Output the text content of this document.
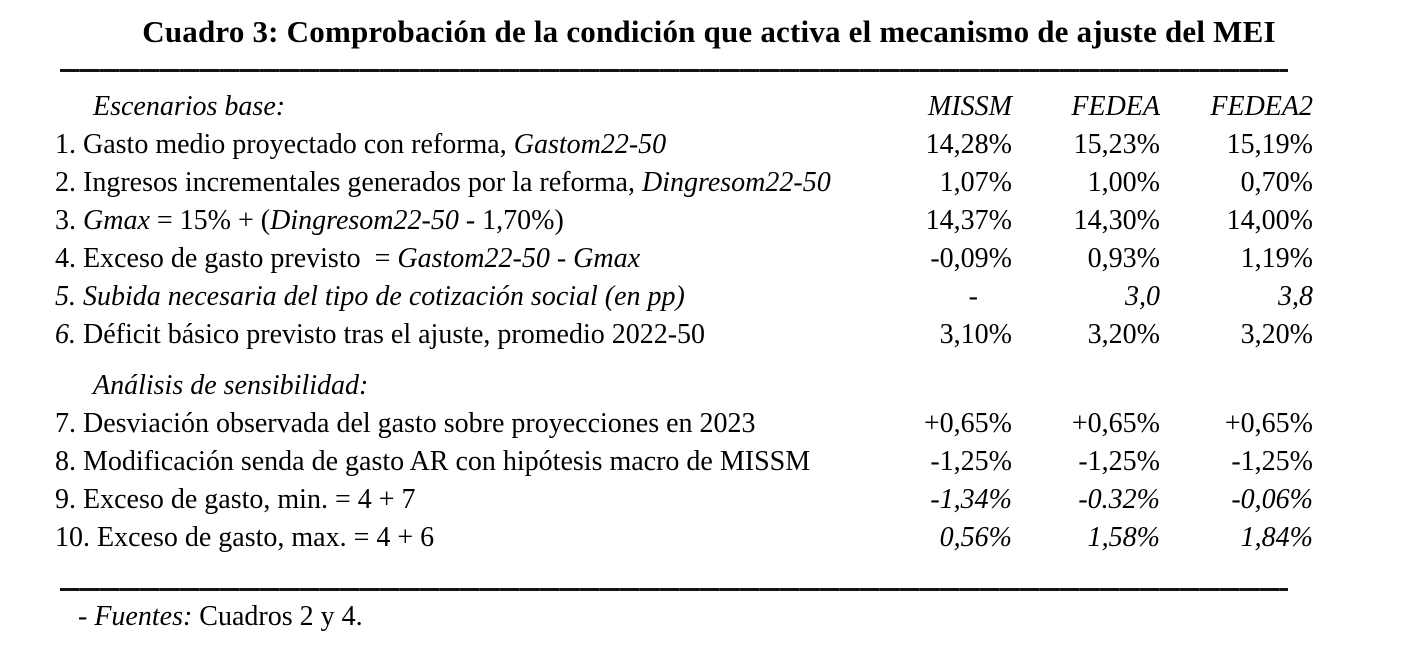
Cuadro 3: Comprobación de la condición que activa el mecanismo de ajuste del MEI
Escenarios base:	MISSM	FEDEA	FEDEA2
1. Gasto medio proyectado con reforma, Gastom22-50	14,28%	15,23%	15,19%
2. Ingresos incrementales generados por la reforma, Dingresom22-50	1,07%	1,00%	0,70%
3. Gmax = 15% + (Dingresom22-50 - 1,70%)	14,37%	14,30%	14,00%
4. Exceso de gasto previsto  = Gastom22-50 - Gmax	-0,09%	0,93%	1,19%
5. Subida necesaria del tipo de cotización social (en pp)	-	3,0	3,8
6. Déficit básico previsto tras el ajuste, promedio 2022-50	3,10%	3,20%	3,20%
Análisis de sensibilidad:
7. Desviación observada del gasto sobre proyecciones en 2023	+0,65%	+0,65%	+0,65%
8. Modificación senda de gasto AR con hipótesis macro de MISSM	-1,25%	-1,25%	-1,25%
9. Exceso de gasto, min. = 4 + 7	-1,34%	-0.32%	-0,06%
10. Exceso de gasto, max. = 4 + 6	0,56%	1,58%	1,84%
- Fuentes: Cuadros 2 y 4.
